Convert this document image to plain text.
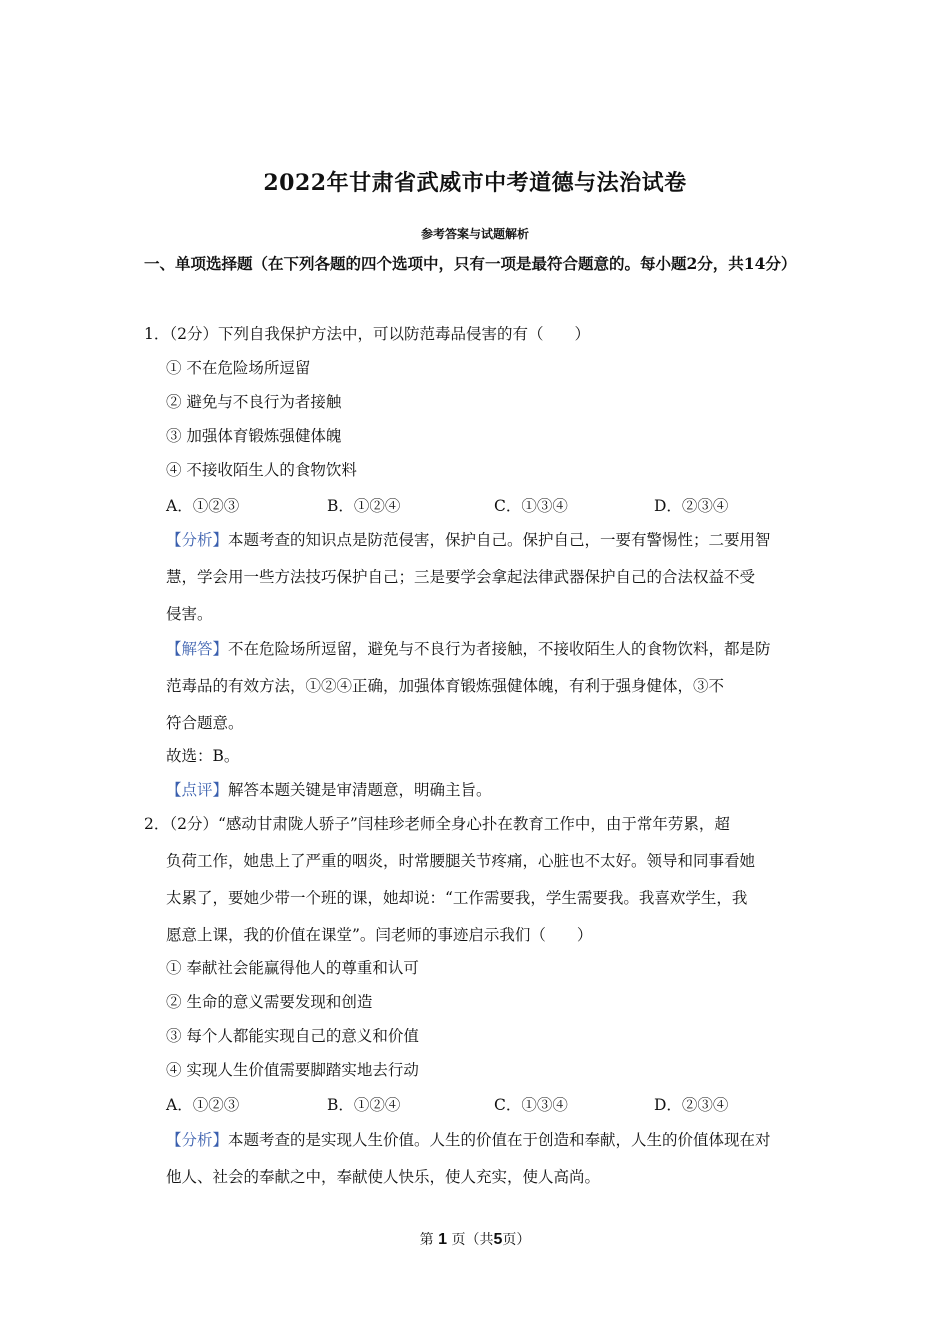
2022年甘肃省武威市中考道德与法治试卷
参考答案与试题解析
一、单项选择题（在下列各题的四个选项中，只有一项是最符合题意的。每小题2分，共14分）
1．（2分）下列自我保护方法中，可以防范毒品侵害的有（　　）
① 不在危险场所逗留
② 避免与不良行为者接触
③ 加强体育锻炼强健体魄
④ 不接收陌生人的食物饮料
A．①②③	B．①②④	C．①③④	D．②③④
【分析】本题考查的知识点是防范侵害，保护自己。保护自己，一要有警惕性；二要用智
慧，学会用一些方法技巧保护自己；三是要学会拿起法律武器保护自己的合法权益不受
侵害。
【解答】不在危险场所逗留，避免与不良行为者接触，不接收陌生人的食物饮料，都是防
范毒品的有效方法，①②④正确，加强体育锻炼强健体魄，有利于强身健体，③不
符合题意。
故选：B。
【点评】解答本题关键是审清题意，明确主旨。
2．（2分）“感动甘肃陇人骄子”闫桂珍老师全身心扑在教育工作中，由于常年劳累，超
负荷工作，她患上了严重的咽炎，时常腰腿关节疼痛，心脏也不太好。领导和同事看她
太累了，要她少带一个班的课，她却说：“工作需要我，学生需要我。我喜欢学生，我
愿意上课，我的价值在课堂”。闫老师的事迹启示我们（　　）
① 奉献社会能赢得他人的尊重和认可
② 生命的意义需要发现和创造
③ 每个人都能实现自己的意义和价值
④ 实现人生价值需要脚踏实地去行动
A．①②③	B．①②④	C．①③④	D．②③④
【分析】本题考查的是实现人生价值。人生的价值在于创造和奉献，人生的价值体现在对
他人、社会的奉献之中，奉献使人快乐，使人充实，使人高尚。
第 1 页（共5页）
